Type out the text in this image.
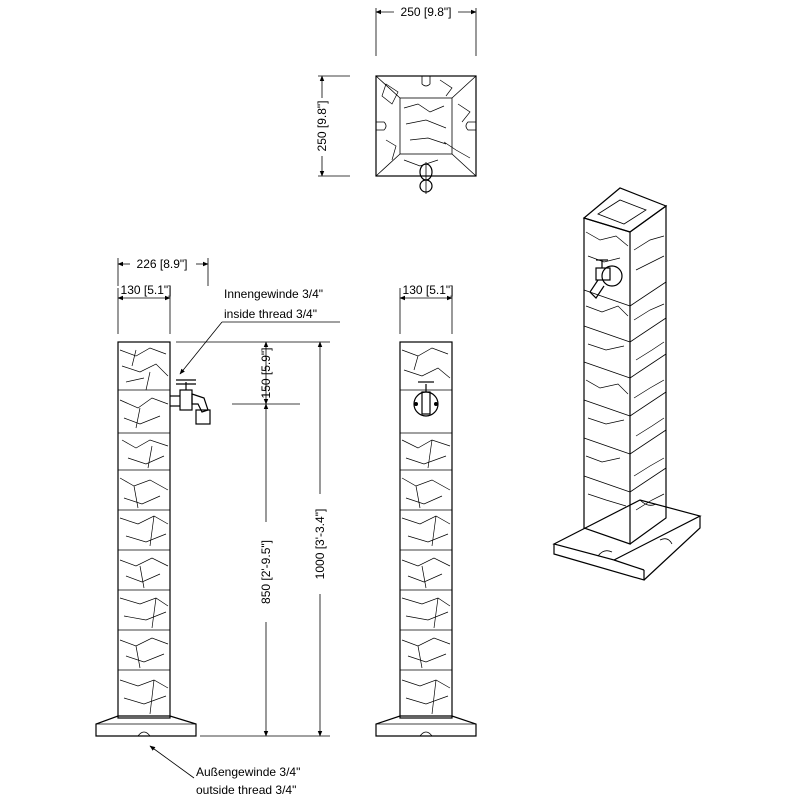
250 [9.8"]
250 [9.8"]
226 [8.9"]
130 [5.1"]	Innengewinde 3/4"
inside thread 3/4"
150 [5.9"]
850 [2'-9.5"]	1000 [3'-3.4"]
Außengewinde 3/4"
outside thread 3/4"
130 [5.1"]
